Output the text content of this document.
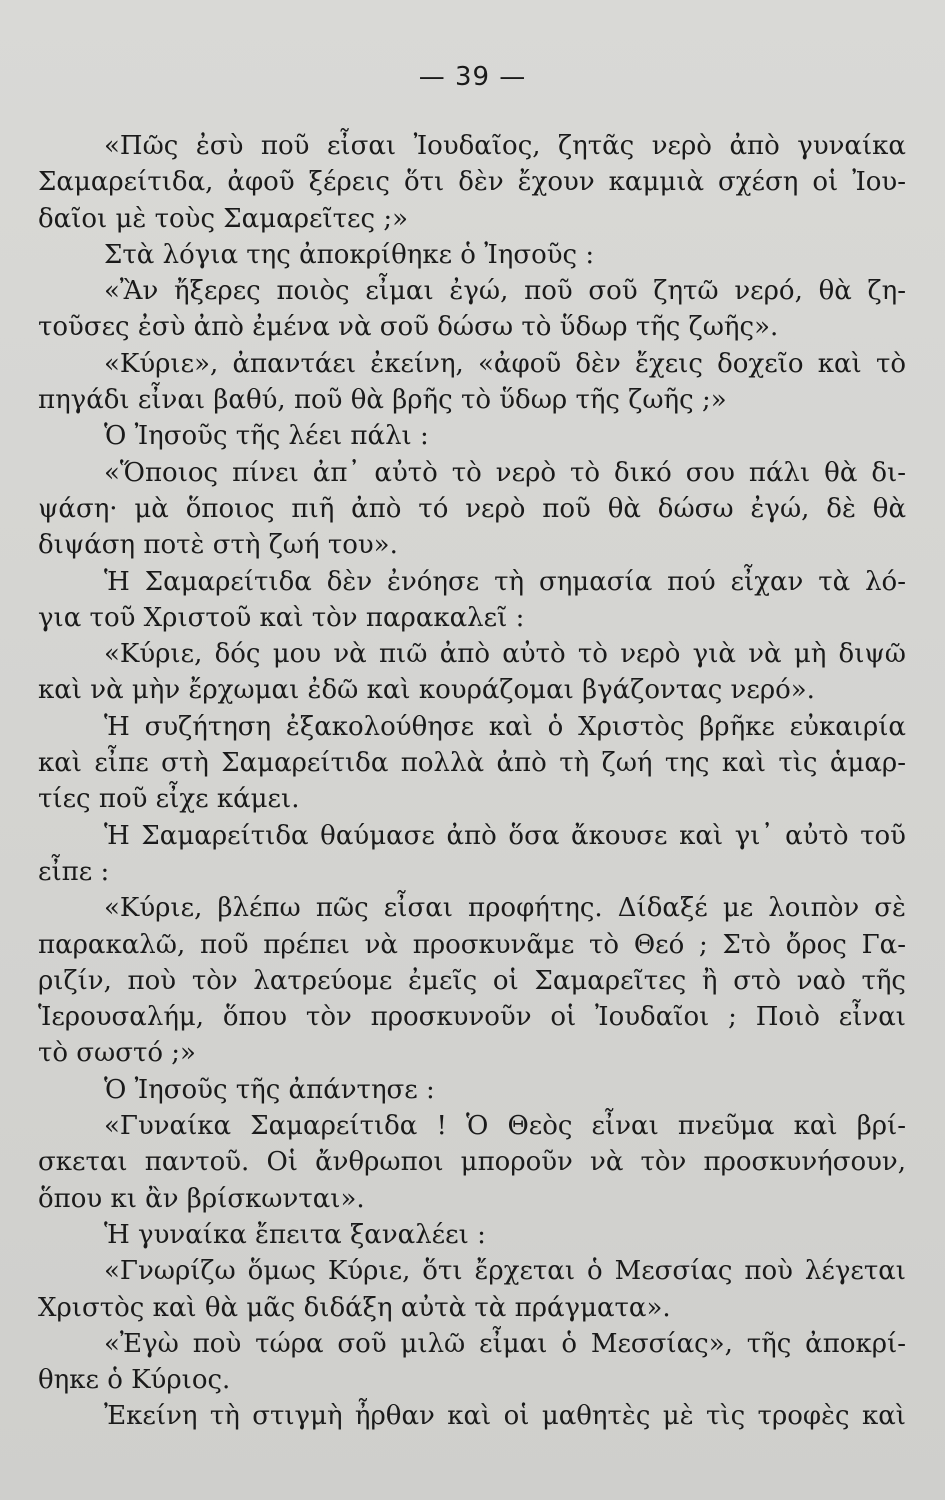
— 39 —
«Πῶς ἐσὺ ποῦ εἶσαι Ἰουδαῖος, ζητᾶς νερὸ ἀπὸ γυναίκα
Σαμαρείτιδα, ἀφοῦ ξέρεις ὅτι δὲν ἔχουν καμμιὰ σχέση οἱ Ἰου-
δαῖοι μὲ τοὺς Σαμαρεῖτες ;»
Στὰ λόγια της ἀποκρίθηκε ὁ Ἰησοῦς :
«Ἂν ἤξερες ποιὸς εἶμαι ἐγώ, ποῦ σοῦ ζητῶ νερό, θὰ ζη-
τοῦσες ἐσὺ ἀπὸ ἐμένα νὰ σοῦ δώσω τὸ ὕδωρ τῆς ζωῆς».
«Κύριε», ἀπαντάει ἐκείνη, «ἀφοῦ δὲν ἔχεις δοχεῖο καὶ τὸ
πηγάδι εἶναι βαθύ, ποῦ θὰ βρῆς τὸ ὕδωρ τῆς ζωῆς ;»
Ὁ Ἰησοῦς τῆς λέει πάλι :
«Ὅποιος πίνει ἀπ᾽ αὐτὸ τὸ νερὸ τὸ δικό σου πάλι θὰ δι-
ψάση· μὰ ὅποιος πιῆ ἀπὸ τό νερὸ ποῦ θὰ δώσω ἐγώ, δὲ θὰ
διψάση ποτὲ στὴ ζωή του».
Ἡ Σαμαρείτιδα δὲν ἐνόησε τὴ σημασία πού εἶχαν τὰ λό-
για τοῦ Χριστοῦ καὶ τὸν παρακαλεῖ :
«Κύριε, δός μου νὰ πιῶ ἀπὸ αὐτὸ τὸ νερὸ γιὰ νὰ μὴ διψῶ
καὶ νὰ μὴν ἔρχωμαι ἐδῶ καὶ κουράζομαι βγάζοντας νερό».
Ἡ συζήτηση ἐξακολούθησε καὶ ὁ Χριστὸς βρῆκε εὐκαιρία
καὶ εἶπε στὴ Σαμαρείτιδα πολλὰ ἀπὸ τὴ ζωή της καὶ τὶς ἁμαρ-
τίες ποῦ εἶχε κάμει.
Ἡ Σαμαρείτιδα θαύμασε ἀπὸ ὅσα ἄκουσε καὶ γι᾽ αὐτὸ τοῦ
εἶπε :
«Κύριε, βλέπω πῶς εἶσαι προφήτης. Δίδαξέ με λοιπὸν σὲ
παρακαλῶ, ποῦ πρέπει νὰ προσκυνᾶμε τὸ Θεό ; Στὸ ὄρος Γα-
ριζίν, ποὺ τὸν λατρεύομε ἐμεῖς οἱ Σαμαρεῖτες ἢ στὸ ναὸ τῆς
Ἱερουσαλήμ, ὅπου τὸν προσκυνοῦν οἱ Ἰουδαῖοι ; Ποιὸ εἶναι
τὸ σωστό ;»
Ὁ Ἰησοῦς τῆς ἀπάντησε :
«Γυναίκα Σαμαρείτιδα ! Ὁ Θεὸς εἶναι πνεῦμα καὶ βρί-
σκεται παντοῦ. Οἱ ἄνθρωποι μποροῦν νὰ τὸν προσκυνήσουν,
ὅπου κι ἂν βρίσκωνται».
Ἡ γυναίκα ἔπειτα ξαναλέει :
«Γνωρίζω ὅμως Κύριε, ὅτι ἔρχεται ὁ Μεσσίας ποὺ λέγεται
Χριστὸς καὶ θὰ μᾶς διδάξη αὐτὰ τὰ πράγματα».
«Ἐγὼ ποὺ τώρα σοῦ μιλῶ εἶμαι ὁ Μεσσίας», τῆς ἀποκρί-
θηκε ὁ Κύριος.
Ἐκείνη τὴ στιγμὴ ἦρθαν καὶ οἱ μαθητὲς μὲ τὶς τροφὲς καὶ
